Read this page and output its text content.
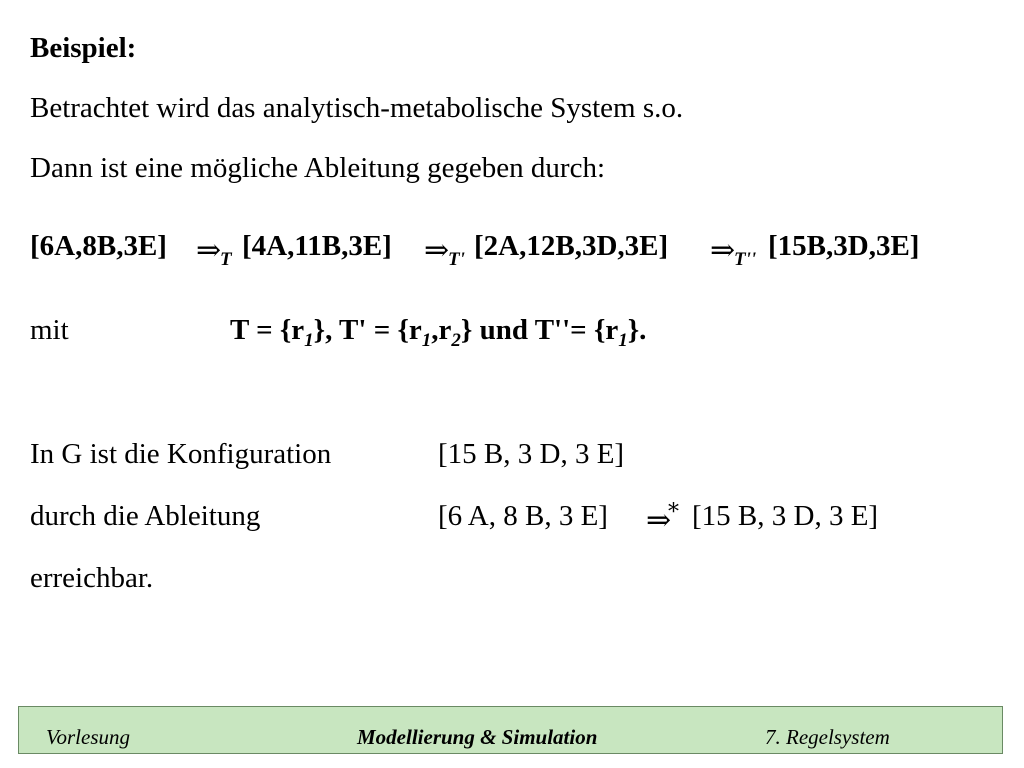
Beispiel:
Betrachtet wird das analytisch-metabolische System s.o.
Dann ist eine mögliche Ableitung gegeben durch:
[6A,8B,3E] ⇒
T [4A,11B,3E] ⇒
T' [2A,12B,3D,3E] ⇒
T'' [15B,3D,3E]
mit	$T = \{r_1\}$, $T' = \{r_1,r_2\}$ und $T''= \{r_1\}$.
In G ist die Konfiguration	[15 B, 3 D, 3 E]
durch die Ableitung	[6 A, 8 B, 3 E] ⇒
* [15 B, 3 D, 3 E]
erreichbar.
Vorlesung	Modellierung & Simulation	7. Regelsystem
